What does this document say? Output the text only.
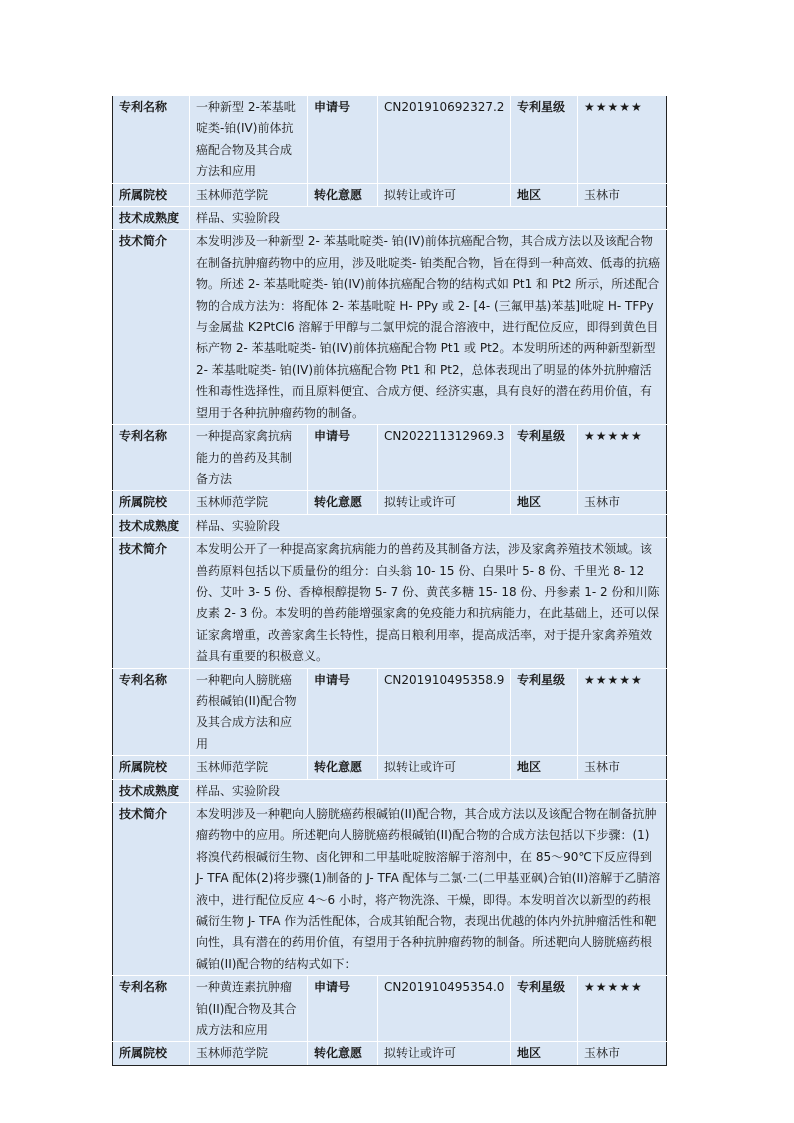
专利名称	一种新型 2-苯基吡啶类-铂(IV)前体抗癌配合物及其合成方法和应用	申请号	CN201910692327.2	专利星级	★★★★★
所属院校	玉林师范学院	转化意愿	拟转让或许可	地区	玉林市
技术成熟度	样品、实验阶段				
技术简介	本发明涉及一种新型 2- 苯基吡啶类- 铂(IV)前体抗癌配合物，其合成方法以及该配合物在制备抗肿瘤药物中的应用，涉及吡啶类- 铂类配合物，旨在得到一种高效、低毒的抗癌物。所述 2- 苯基吡啶类- 铂(IV)前体抗癌配合物的结构式如 Pt1 和 Pt2 所示，所述配合物的合成方法为：将配体 2- 苯基吡啶 H- PPy 或 2- [4- (三氟甲基)苯基]吡啶 H- TFPy 与金属盐 K2PtCl6 溶解于甲醇与二氯甲烷的混合溶液中，进行配位反应，即得到黄色目标产物 2- 苯基吡啶类- 铂(IV)前体抗癌配合物 Pt1 或 Pt2。本发明所述的两种新型新型 2- 苯基吡啶类- 铂(IV)前体抗癌配合物 Pt1 和 Pt2，总体表现出了明显的体外抗肿瘤活性和毒性选择性，而且原料便宜、合成方便、经济实惠，具有良好的潜在药用价值，有望用于各种抗肿瘤药物的制备。				
专利名称	一种提高家禽抗病能力的兽药及其制备方法	申请号	CN202211312969.3	专利星级	★★★★★
所属院校	玉林师范学院	转化意愿	拟转让或许可	地区	玉林市
技术成熟度	样品、实验阶段				
技术简介	本发明公开了一种提高家禽抗病能力的兽药及其制备方法，涉及家禽养殖技术领域。该兽药原料包括以下质量份的组分：白头翁 10- 15 份、白果叶 5- 8 份、千里光 8- 12 份、艾叶 3- 5 份、香樟根醇提物 5- 7 份、黄芪多糖 15- 18 份、丹参素 1- 2 份和川陈皮素 2- 3 份。本发明的兽药能增强家禽的免疫能力和抗病能力，在此基础上，还可以保证家禽增重，改善家禽生长特性，提高日粮利用率，提高成活率，对于提升家禽养殖效益具有重要的积极意义。				
专利名称	一种靶向人膀胱癌药根碱铂(II)配合物及其合成方法和应用	申请号	CN201910495358.9	专利星级	★★★★★
所属院校	玉林师范学院	转化意愿	拟转让或许可	地区	玉林市
技术成熟度	样品、实验阶段				
技术简介	本发明涉及一种靶向人膀胱癌药根碱铂(II)配合物，其合成方法以及该配合物在制备抗肿瘤药物中的应用。所述靶向人膀胱癌药根碱铂(II)配合物的合成方法包括以下步骤：(1)将溴代药根碱衍生物、卤化钾和二甲基吡啶胺溶解于溶剂中，在 85～90℃下反应得到 J- TFA 配体(2)将步骤(1)制备的 J- TFA 配体与二氯·二(二甲基亚砜)合铂(II)溶解于乙腈溶液中，进行配位反应 4～6 小时，将产物洗涤、干燥，即得。本发明首次以新型的药根碱衍生物 J- TFA 作为活性配体，合成其铂配合物，表现出优越的体内外抗肿瘤活性和靶向性，具有潜在的药用价值，有望用于各种抗肿瘤药物的制备。所述靶向人膀胱癌药根碱铂(II)配合物的结构式如下：				
专利名称	一种黄连素抗肿瘤铂(II)配合物及其合成方法和应用	申请号	CN201910495354.0	专利星级	★★★★★
所属院校	玉林师范学院	转化意愿	拟转让或许可	地区	玉林市
